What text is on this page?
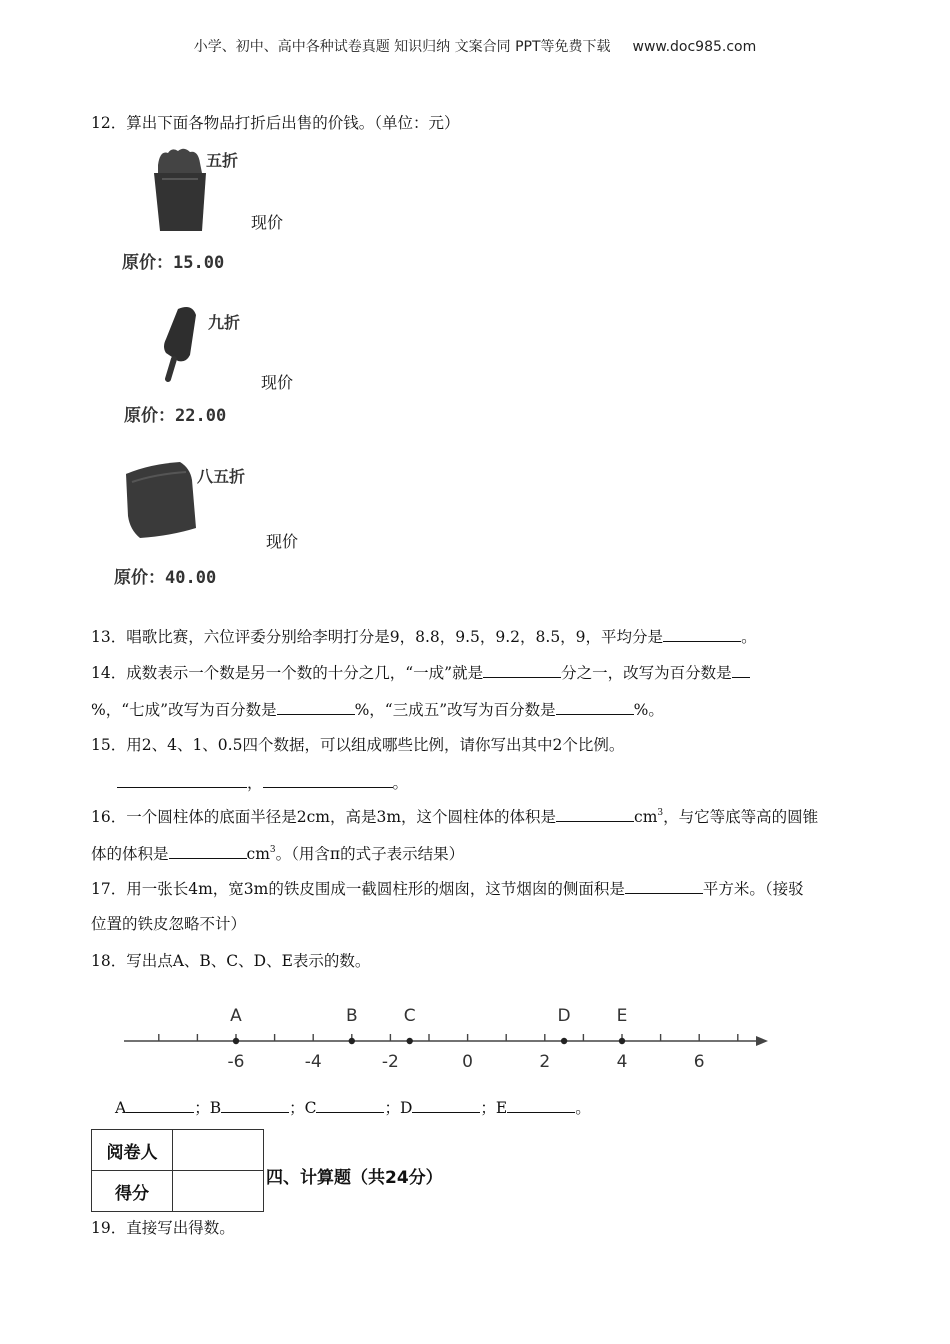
小学、初中、高中各种试卷真题 知识归纳 文案合同 PPT等免费下载 www.doc985.com
12．算出下面各物品打折后出售的价钱。（单位：元）
五折
现价
原价：15.00
九折
现价
原价：22.00
八五折
现价
原价：40.00
13．唱歌比赛，六位评委分别给李明打分是9，8.8，9.5，9.2，8.5，9，平均分是	。
14．成数表示一个数是另一个数的十分之几，“一成”就是	分之一，改写为百分数是
%，“七成”改写为百分数是	%，“三成五”改写为百分数是	%。
15．用2、4、1、0.5四个数据，可以组成哪些比例，请你写出其中2个比例。
，	。
16．一个圆柱体的底面半径是2cm，高是3m，这个圆柱体的体积是	$cm^3$，与它等底等高的圆锥
体的体积是	$cm^3$。（用含π的式子表示结果）
17．用一张长4m，宽3m的铁皮围成一截圆柱形的烟囱，这节烟囱的侧面积是	平方米。（接驳
位置的铁皮忽略不计）
18．写出点A、B、C、D、E表示的数。
-6	-4	-2	0	2	4	6
A	B	C	D	E
A	；B	；C	；D	；E	。
阅卷人	
得分	
四、计算题（共24分）
19．直接写出得数。
